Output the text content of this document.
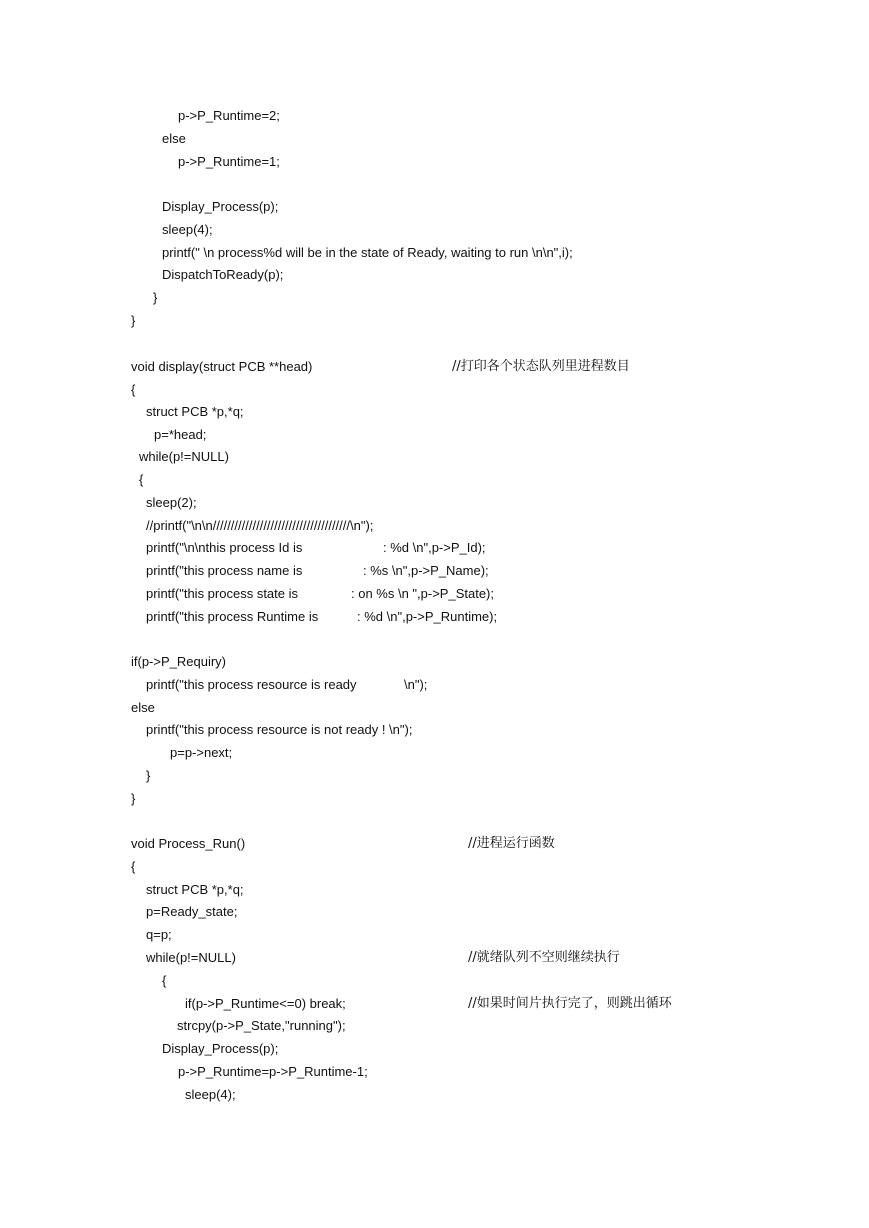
p->P_Runtime=2;
else
p->P_Runtime=1;
Display_Process(p);
sleep(4);
printf(" \n process%d will be in the state of Ready, waiting to run \n\n",i);
DispatchToReady(p);
}
}
void display(struct PCB **head)	//打印各个状态队列里进程数目
{
struct PCB *p,*q;
p=*head;
while(p!=NULL)
{
sleep(2);
//printf("\n\n//////////////////////////////////////\n");
printf("\n\nthis process Id is	: %d \n",p->P_Id);
printf("this process name is	: %s \n",p->P_Name);
printf("this process state is	: on %s \n ",p->P_State);
printf("this process Runtime is	: %d \n",p->P_Runtime);
if(p->P_Requiry)
printf("this process resource is ready	\n");
else
printf("this process resource is not ready ! \n");
p=p->next;
}
}
void Process_Run()	//进程运行函数
{
struct PCB *p,*q;
p=Ready_state;
q=p;
while(p!=NULL)	//就绪队列不空则继续执行
{
if(p->P_Runtime<=0) break;	//如果时间片执行完了，则跳出循环
strcpy(p->P_State,"running");
Display_Process(p);
p->P_Runtime=p->P_Runtime-1;
sleep(4);
